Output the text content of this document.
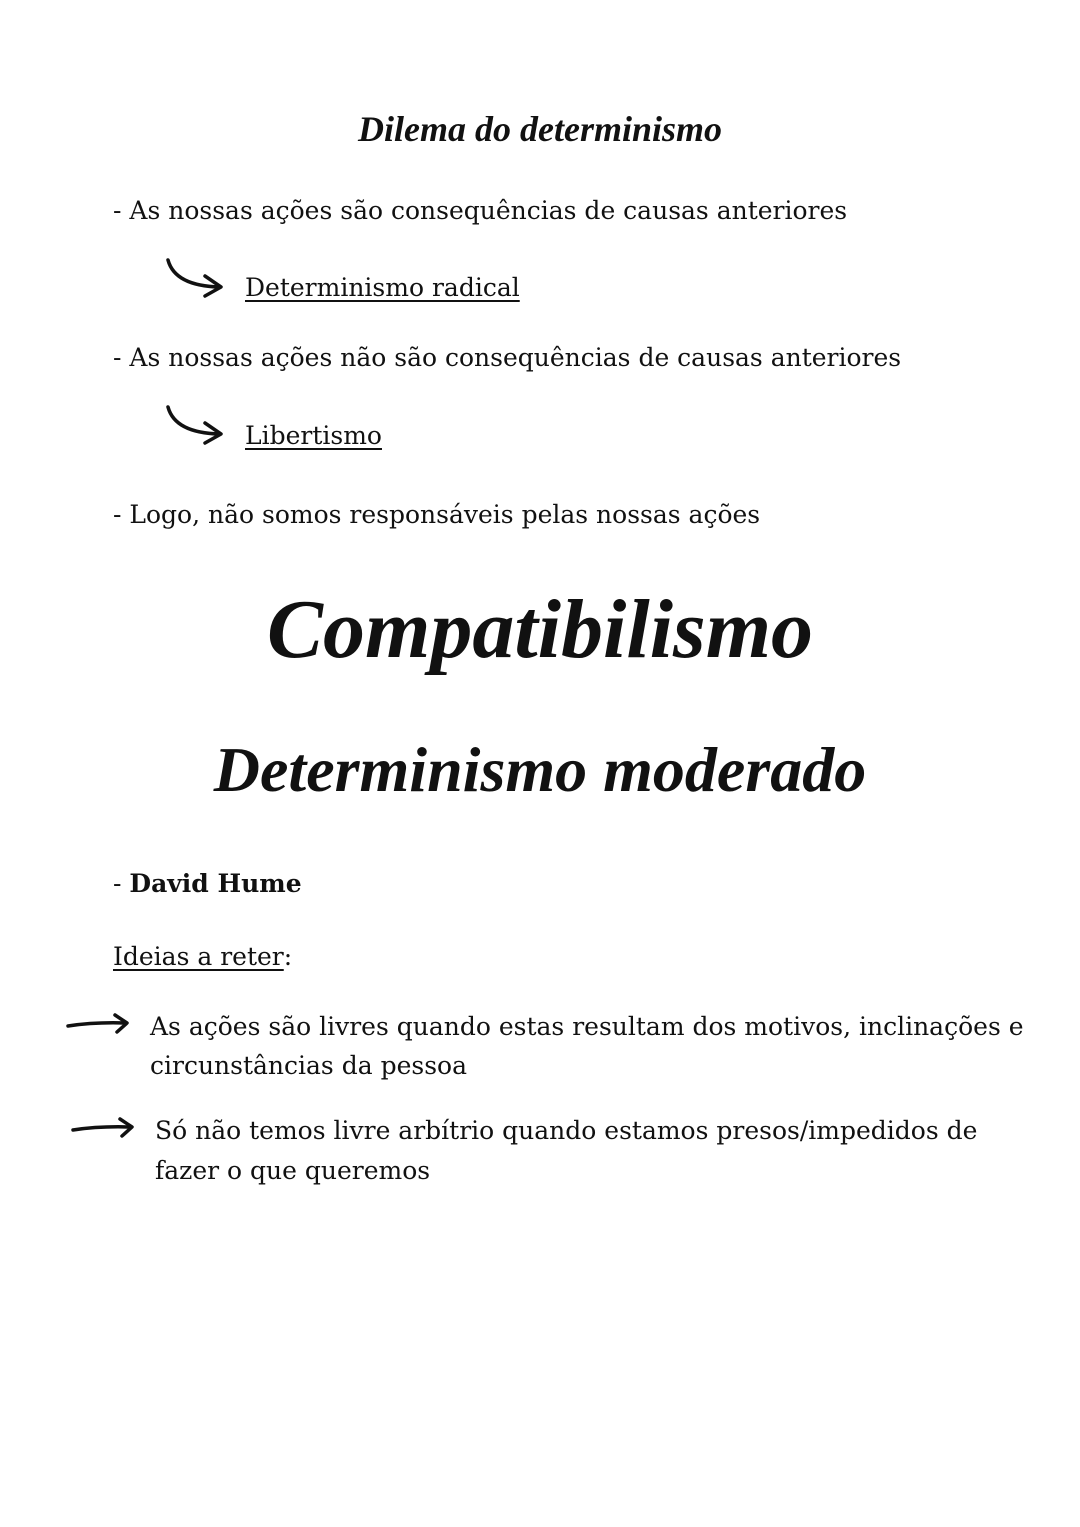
Dilema do determinismo
- As nossas ações são consequências de causas anteriores
Determinismo radical
- As nossas ações não são consequências de causas anteriores
Libertismo
- Logo, não somos responsáveis pelas nossas ações
Compatibilismo
Determinismo moderado
- David Hume
Ideias a reter:
As ações são livres quando estas resultam dos motivos, inclinações e
circunstâncias da pessoa
Só não temos livre arbítrio quando estamos presos/impedidos de
fazer o que queremos
